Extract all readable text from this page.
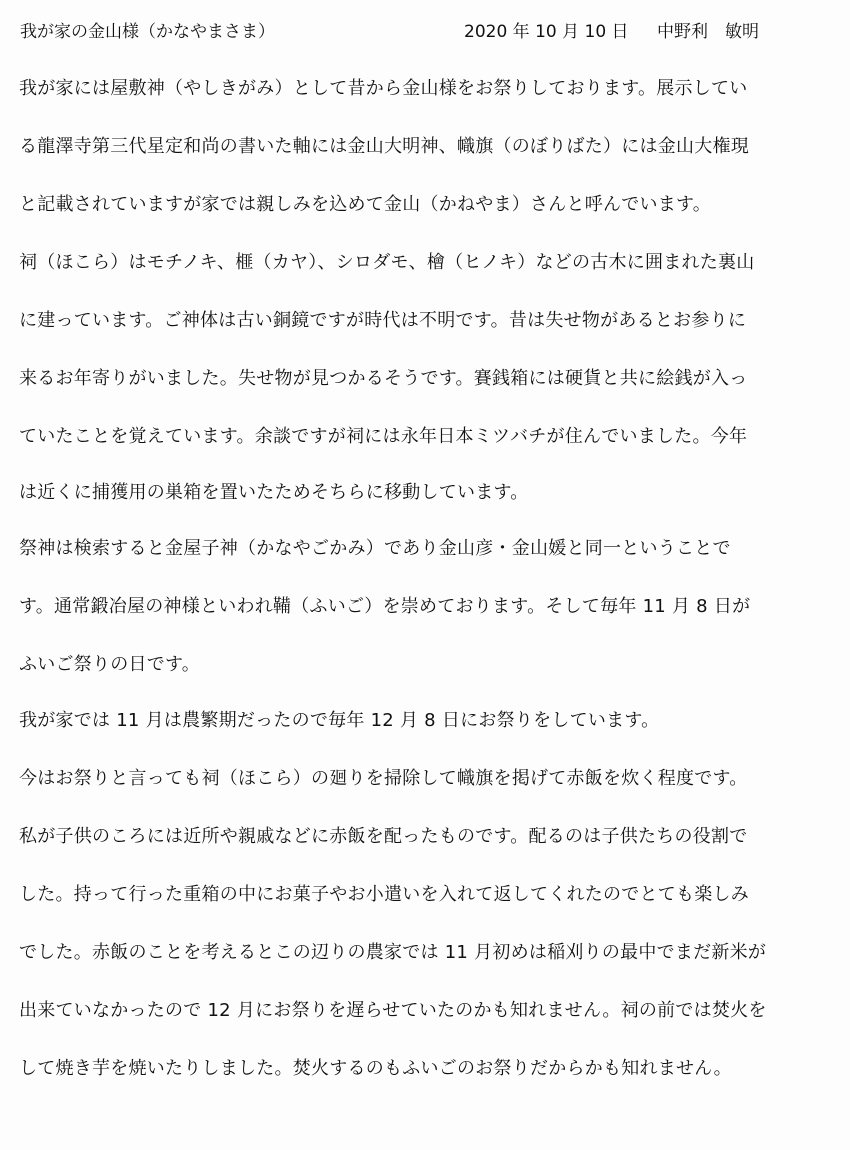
我が家の金山様（かなやまさま）	2020 年 10 月 10 日 中野利　敏明
我が家には屋敷神（やしきがみ）として昔から金山様をお祭りしております。展示してい
る龍澤寺第三代星定和尚の書いた軸には金山大明神、幟旗（のぼりばた）には金山大権現
と記載されていますが家では親しみを込めて金山（かねやま）さんと呼んでいます。
祠（ほこら）はモチノキ、榧（カヤ）、シロダモ、檜（ヒノキ）などの古木に囲まれた裏山
に建っています。ご神体は古い銅鏡ですが時代は不明です。昔は失せ物があるとお参りに
来るお年寄りがいました。失せ物が見つかるそうです。賽銭箱には硬貨と共に絵銭が入っ
ていたことを覚えています。余談ですが祠には永年日本ミツバチが住んでいました。今年
は近くに捕獲用の巣箱を置いたためそちらに移動しています。
祭神は検索すると金屋子神（かなやごかみ）であり金山彦・金山媛と同一ということで
す。通常鍛冶屋の神様といわれ鞴（ふいご）を崇めております。そして毎年 11 月 8 日が
ふいご祭りの日です。
我が家では 11 月は農繁期だったので毎年 12 月 8 日にお祭りをしています。
今はお祭りと言っても祠（ほこら）の廻りを掃除して幟旗を掲げて赤飯を炊く程度です。
私が子供のころには近所や親戚などに赤飯を配ったものです。配るのは子供たちの役割で
した。持って行った重箱の中にお菓子やお小遣いを入れて返してくれたのでとても楽しみ
でした。赤飯のことを考えるとこの辺りの農家では 11 月初めは稲刈りの最中でまだ新米が
出来ていなかったので 12 月にお祭りを遅らせていたのかも知れません。祠の前では焚火を
して焼き芋を焼いたりしました。焚火するのもふいごのお祭りだからかも知れません。
